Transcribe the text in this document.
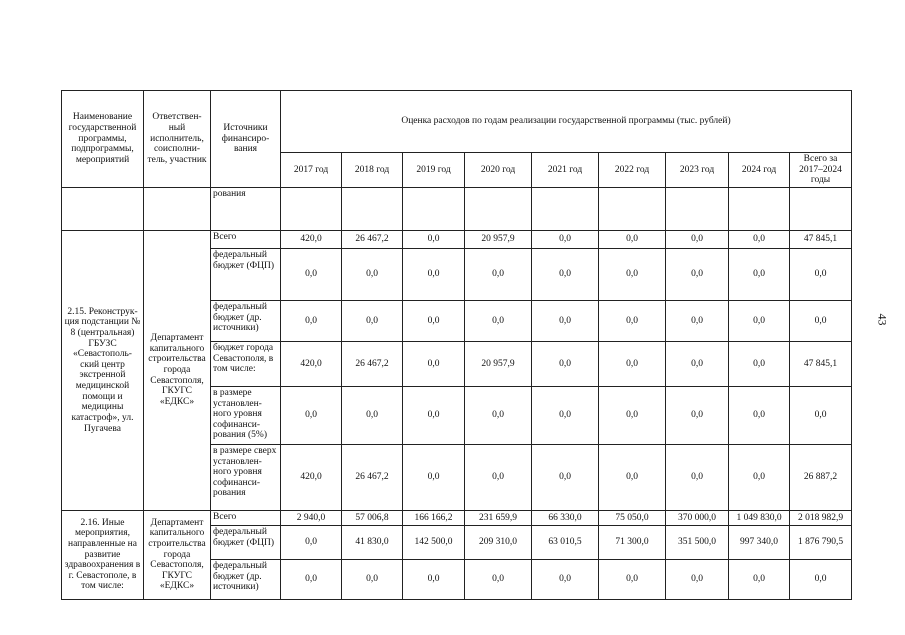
Наименование государственной программы, подпрограммы, мероприятий	Ответствен-ный исполнитель, соисполни-тель, участник	Источники финансиро-вания	Оценка расходов по годам реализации государственной программы (тыс. рублей)								
			2017 год	2018 год	2019 год	2020 год	2021 год	2022 год	2023 год	2024 год	Всего за 2017–2024 годы
		рования									
2.15. Реконструк-ция подстанции № 8 (центральная) ГБУЗС «Севастополь-ский центр экстренной медицинской помощи и медицины катастроф», ул. Пугачева	Департамент капитального строительства города Севастополя, ГКУГС «ЕДКС»	Всего	420,0	26 467,2	0,0	20 957,9	0,0	0,0	0,0	0,0	47 845,1
		федеральный бюджет (ФЦП)	0,0	0,0	0,0	0,0	0,0	0,0	0,0	0,0	0,0
		федеральный бюджет (др. источники)	0,0	0,0	0,0	0,0	0,0	0,0	0,0	0,0	0,0
		бюджет города Севастополя, в том числе:	420,0	26 467,2	0,0	20 957,9	0,0	0,0	0,0	0,0	47 845,1
		в размере установлен-ного уровня софинанси-рования (5%)	0,0	0,0	0,0	0,0	0,0	0,0	0,0	0,0	0,0
		в размере сверх установлен-ного уровня софинанси-рования	420,0	26 467,2	0,0	0,0	0,0	0,0	0,0	0,0	26 887,2
2.16. Иные мероприятия, направленные на развитие здравоохранения в г. Севастополе, в том числе:	Департамент капитального строительства города Севастополя, ГКУГС «ЕДКС»	Всего	2 940,0	57 006,8	166 166,2	231 659,9	66 330,0	75 050,0	370 000,0	1 049 830,0	2 018 982,9
		федеральный бюджет (ФЦП)	0,0	41 830,0	142 500,0	209 310,0	63 010,5	71 300,0	351 500,0	997 340,0	1 876 790,5
		федеральный бюджет (др. источники)	0,0	0,0	0,0	0,0	0,0	0,0	0,0	0,0	0,0
43
